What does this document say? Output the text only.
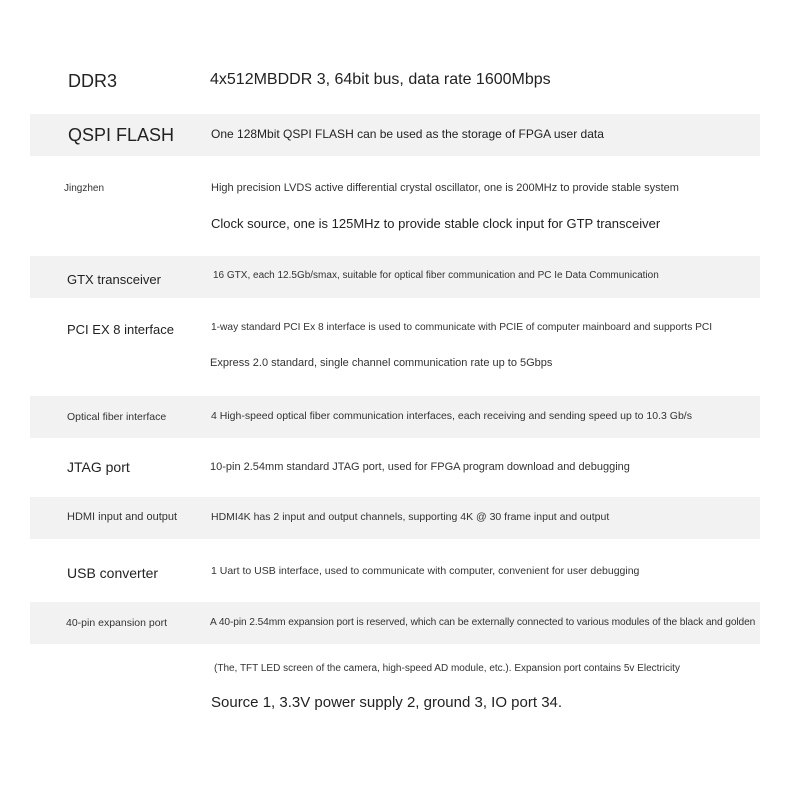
DDR3	4x512MBDDR 3, 64bit bus, data rate 1600Mbps
QSPI FLASH	One 128Mbit QSPI FLASH can be used as the storage of FPGA user data
Jingzhen	High precision LVDS active differential crystal oscillator, one is 200MHz to provide stable system
Clock source, one is 125MHz to provide stable clock input for GTP transceiver
GTX transceiver	16 GTX, each 12.5Gb/smax, suitable for optical fiber communication and PC Ie Data Communication
PCI EX 8 interface	1-way standard PCI Ex 8 interface is used to communicate with PCIE of computer mainboard and supports PCI
Express 2.0 standard, single channel communication rate up to 5Gbps
Optical fiber interface	4 High-speed optical fiber communication interfaces, each receiving and sending speed up to 10.3 Gb/s
JTAG port	10-pin 2.54mm standard JTAG port, used for FPGA program download and debugging
HDMI input and output	HDMI4K has 2 input and output channels, supporting 4K @ 30 frame input and output
USB converter	1 Uart to USB interface, used to communicate with computer, convenient for user debugging
40-pin expansion port	A 40-pin 2.54mm expansion port is reserved, which can be externally connected to various modules of the black and golden
(The, TFT LED screen of the camera, high-speed AD module, etc.). Expansion port contains 5v Electricity
Source 1, 3.3V power supply 2, ground 3, IO port 34.
